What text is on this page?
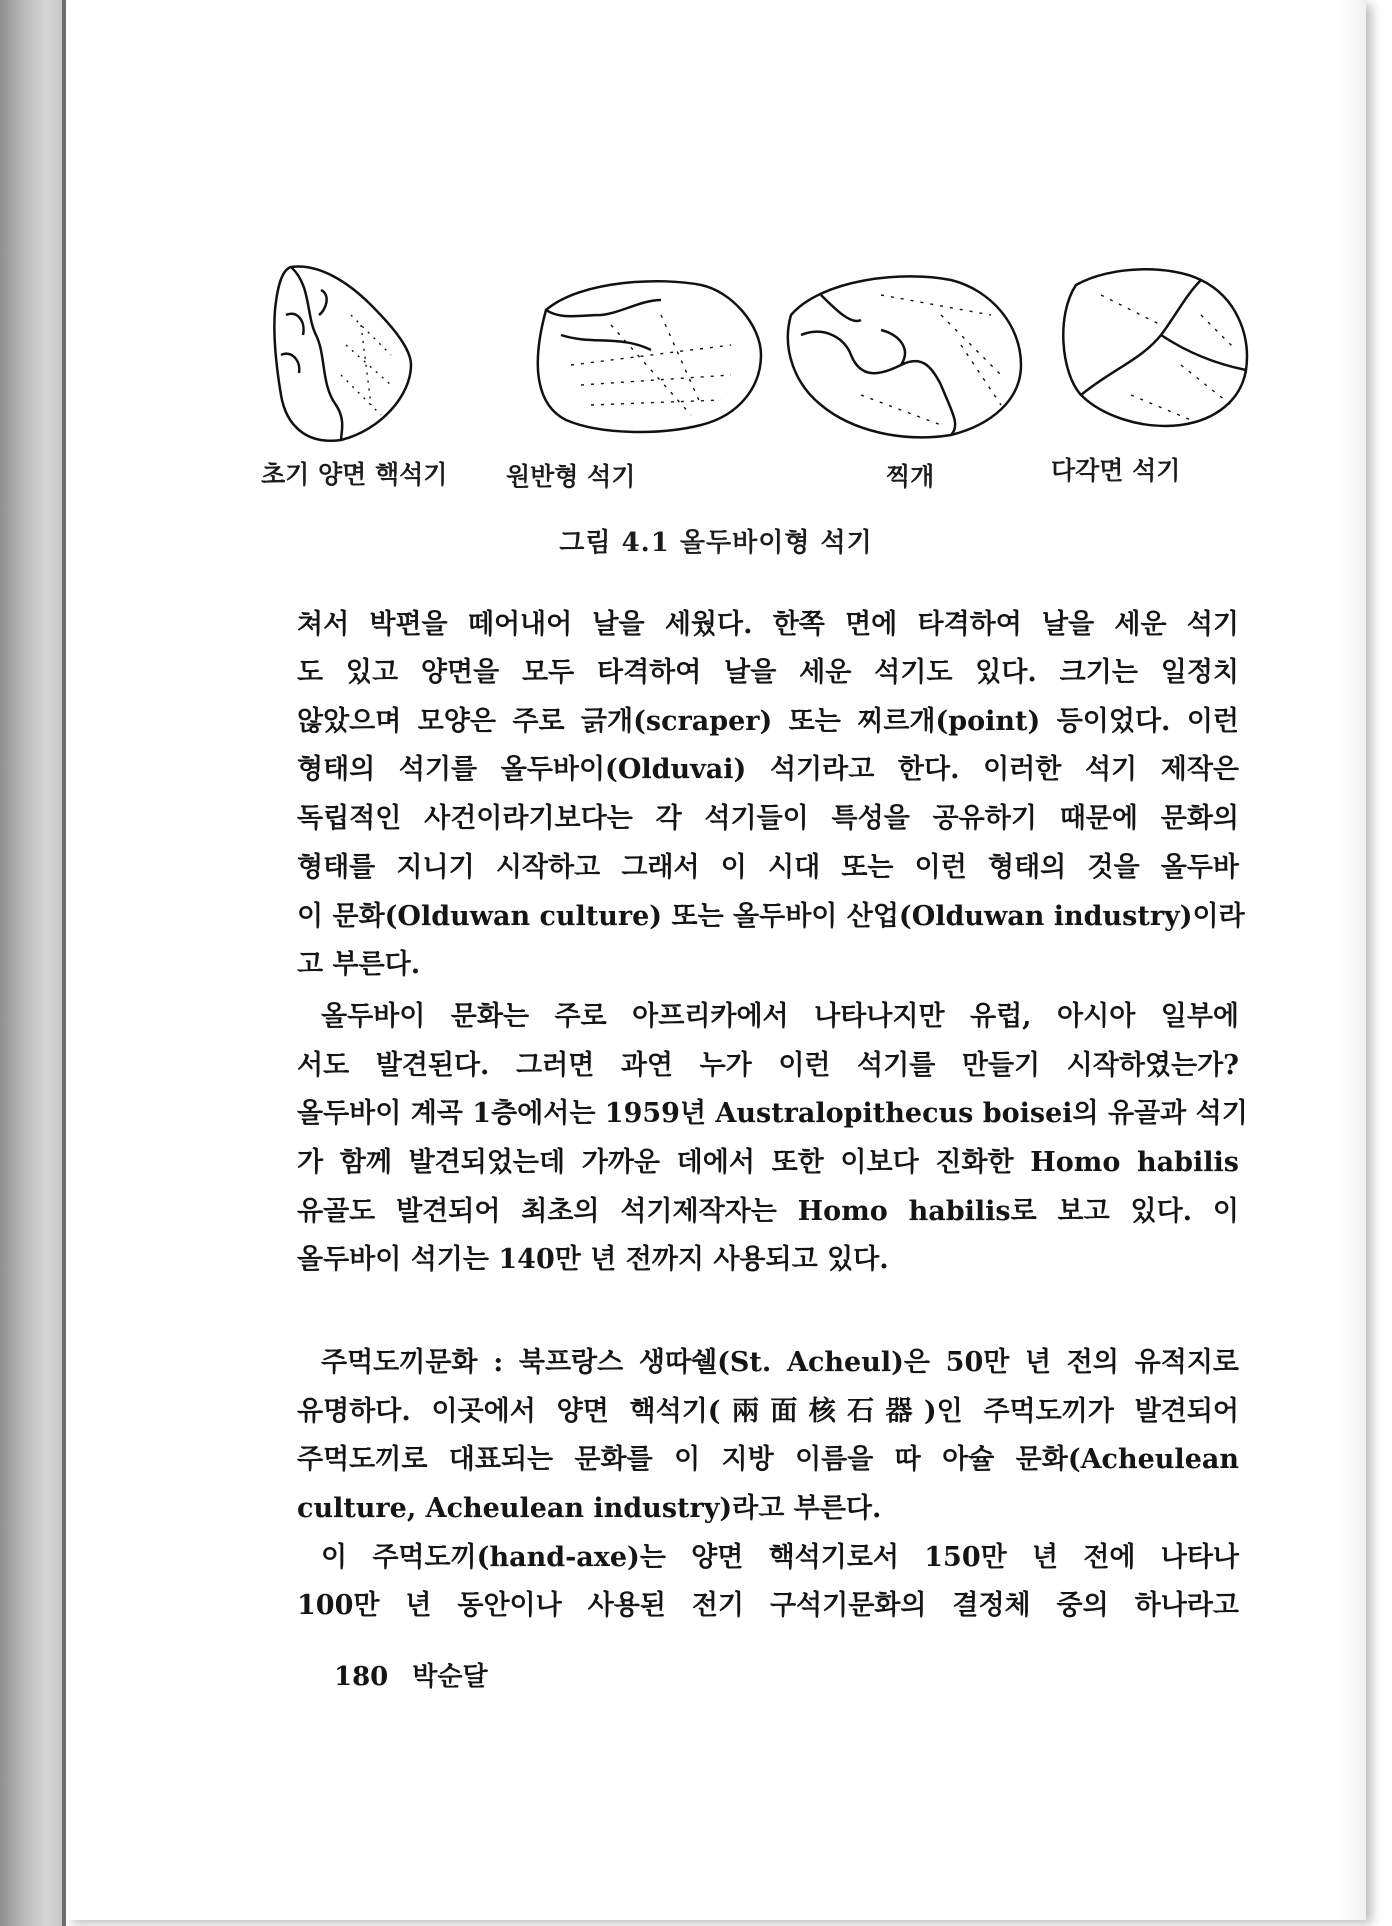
초기 양면 핵석기 원반형 석기	찍개	다각면 석기
그림 4.1 올두바이형 석기
쳐서 박편을 떼어내어 날을 세웠다. 한쪽 면에 타격하여 날을 세운 석기
도 있고 양면을 모두 타격하여 날을 세운 석기도 있다. 크기는 일정치
않았으며 모양은 주로 긁개(scraper) 또는 찌르개(point) 등이었다. 이런
형태의 석기를 올두바이(Olduvai) 석기라고 한다. 이러한 석기 제작은
독립적인 사건이라기보다는 각 석기들이 특성을 공유하기 때문에 문화의
형태를 지니기 시작하고 그래서 이 시대 또는 이런 형태의 것을 올두바
이 문화(Olduwan culture) 또는 올두바이 산업(Olduwan industry)이라
고 부른다.
올두바이 문화는 주로 아프리카에서 나타나지만 유럽, 아시아 일부에
서도 발견된다. 그러면 과연 누가 이런 석기를 만들기 시작하였는가?
올두바이 계곡 1층에서는 1959년 Australopithecus boisei의 유골과 석기
가 함께 발견되었는데 가까운 데에서 또한 이보다 진화한 Homo habilis
유골도 발견되어 최초의 석기제작자는 Homo habilis로 보고 있다. 이
올두바이 석기는 140만 년 전까지 사용되고 있다.
주먹도끼문화 : 북프랑스 생따쉘(St. Acheul)은 50만 년 전의 유적지로
유명하다. 이곳에서 양면 핵석기(兩面核石器)인 주먹도끼가 발견되어
주먹도끼로 대표되는 문화를 이 지방 이름을 따 아슐 문화(Acheulean
culture, Acheulean industry)라고 부른다.
이 주먹도끼(hand-axe)는 양면 핵석기로서 150만 년 전에 나타나
100만 년 동안이나 사용된 전기 구석기문화의 결정체 중의 하나라고
180 박순달
